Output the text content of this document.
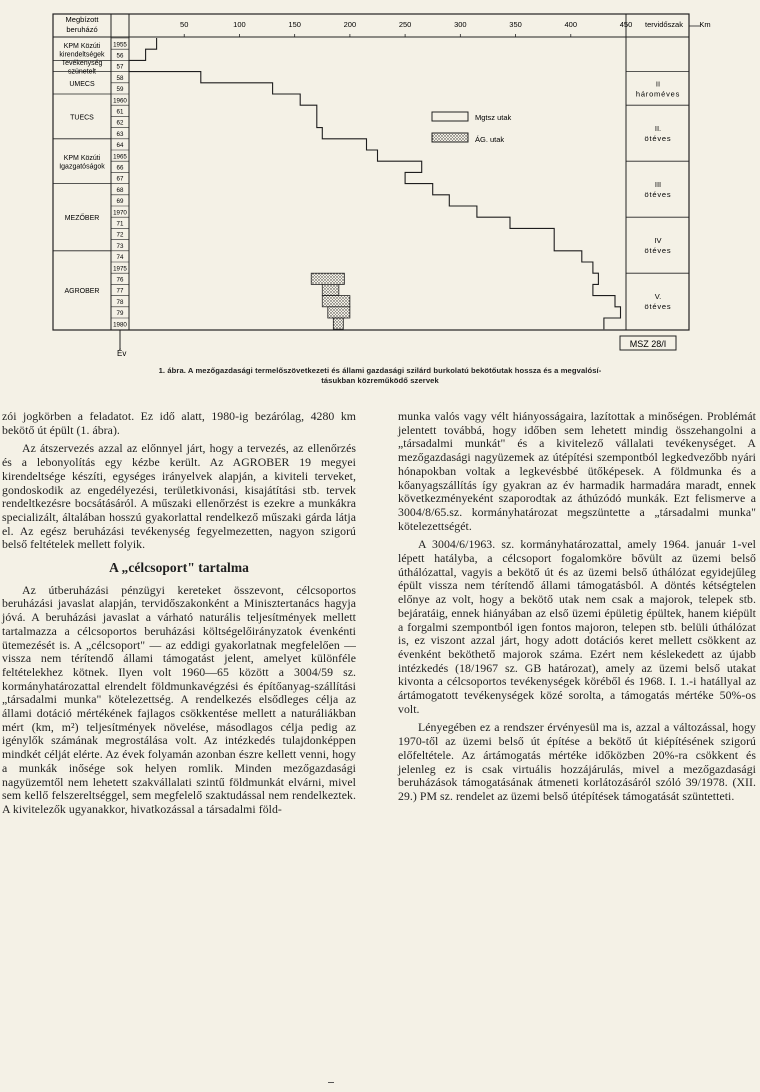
Megbízott
beruházó
tervidőszak Km
50	100	150	200	250	300	350	400	450
1955
56
57
58
59
1960
61
62
63
64
1965
66
67
68
69
1970
71
72
73
74
1975
76
77
78
79
1980
KPM Közúti
kirendeltségek
Tevékenység
szünetelt
UMECS
TUECS
KPM Közúti
Igazgatóságok
MEZŐBER
AGROBER
II
hároméves
II.
ötéves
III
ötéves
IV
ötéves
V.
ötéves
Mgtsz utak
ÁG. utak
Év
MSZ 28/I
1. ábra. A mezőgazdasági termelőszövetkezeti és állami gazdasági szilárd burkolatú bekötőutak hossza és a megvalósí-
tásukban közreműködő szervek

zói jogkörben a feladatot. Ez idő alatt, 1980-ig bezárólag, 4280 km bekötő út épült (1. ábra).

Az átszervezés azzal az előnnyel járt, hogy a tervezés, az ellenőrzés és a lebonyolítás egy kézbe került. Az AGROBER 19 megyei kirendeltsége készíti, egységes irányelvek alapján, a kiviteli terveket, gondoskodik az engedélyezési, területkivonási, kisajátítási stb. tervek rendeltkezésre bocsátásáról. A műszaki ellenőrzést is ezekre a munkákra specializált, általában hosszú gyakorlattal rendelkező műszaki gárda látja el. Az egész beruházási tevékenység fegyelmezetten, nagyon szigorú belső feltételek mellett folyik.

A „célcsoport" tartalma

Az útberuházási pénzügyi kereteket összevont, célcsoportos beruházási javaslat alapján, tervidőszakonként a Minisztertanács hagyja jóvá. A beruházási javaslat a várható naturális teljesítmények mellett tartalmazza a célcsoportos beruházási költségelőirányzatok évenkénti ütemezését is. A „célcsoport" — az eddigi gyakorlatnak megfelelően — vissza nem térítendő állami támogatást jelent, amelyet különféle feltételekhez kötnek. Ilyen volt 1960—65 között a 3004/59 sz. kormányhatározattal elrendelt földmunkavégzési és építőanyag-szállítási „társadalmi munka" kötelezettség. A rendelkezés elsődleges célja az állami dotáció mértékének fajlagos csökkentése mellett a naturáliákban mért (km, m²) teljesítmények növelése, másodlagos célja pedig az igénylők számának megrostálása volt. Az intézkedés tulajdonképpen mindkét célját elérte. Az évek folyamán azonban észre kellett venni, hogy a munkák inősége sok helyen romlik. Minden mezőgazdasági nagyüzemtől nem lehetett szakvállalati szintű földmunkát elvárni, mivel sem kellő felszereltséggel, sem megfelelő szaktudással nem rendelkeztek. A kivitelezők ugyanakkor, hivatkozással a társadalmi föld-

munka valós vagy vélt hiányosságaira, lazítottak a minőségen. Problémát jelentett továbbá, hogy időben sem lehetett mindig összehangolni a „társadalmi munkát" és a kivitelező vállalati tevékenységet. A mezőgazdasági nagyüzemek az útépítési szempontból legkedvezőbb nyári hónapokban voltak a legkevésbbé ütőképesek. A földmunka és a kőanyagszállítás így gyakran az év harmadik harmadára maradt, ennek következményeként szaporodtak az áthúzódó munkák. Ezt felismerve a 3004/8/65.sz. kormányhatározat megszüntette a „társadalmi munka" kötelezettségét.

A 3004/6/1963. sz. kormányhatározattal, amely 1964. január 1-vel lépett hatályba, a célcsoport fogalomköre bővült az üzemi belső úthálózattal, vagyis a bekötő út és az üzemi belső úthálózat egyidejűleg épült vissza nem térítendő állami támogatásból. A döntés kétségtelen előnye az volt, hogy a bekötő utak nem csak a majorok, telepek stb. bejáratáig, ennek hiányában az első üzemi épületig épültek, hanem kiépült a forgalmi szempontból igen fontos majoron, telepen stb. belüli úthálózat is, ez viszont azzal járt, hogy adott dotációs keret mellett csökkent az évenként beköthető majorok száma. Ezért nem késlekedett az újabb intézkedés (18/1967 sz. GB határozat), amely az üzemi belső utakat kivonta a célcsoportos tevékenységek köréből és 1968. I. 1.-i hatállyal az ártámogatott tevékenységek közé sorolta, a támogatás mértéke 50%-os volt.

Lényegében ez a rendszer érvényesül ma is, azzal a változással, hogy 1970-től az üzemi belső út építése a bekötő út kiépítésének szigorú előfeltétele. Az ártámogatás mértéke időközben 20%-ra csökkent és jelenleg ez is csak virtuális hozzájárulás, mivel a mezőgazdasági beruházások támogatásának átmeneti korlátozásáról szóló 39/1978. (XII. 29.) PM sz. rendelet az üzemi belső útépítések támogatását szüntetteti.
